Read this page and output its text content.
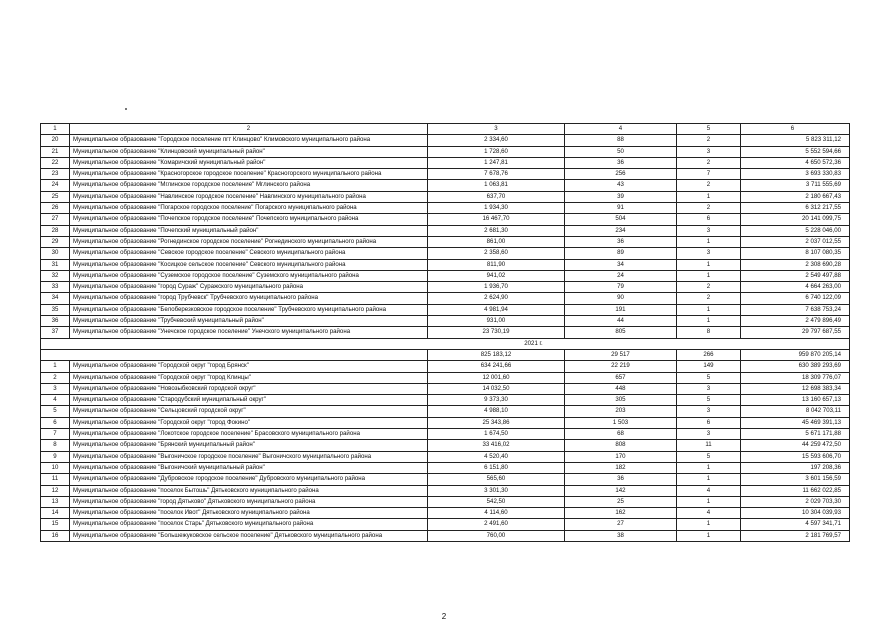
1	2	3	4	5	6
20	Муниципальное образование "Городское поселение пгт Клинцово" Климовского муниципального района	2 334,60	88	2	5 823 311,12
21	Муниципальное образование "Клинцовский муниципальный район"	1 728,60	50	3	5 552 594,66
22	Муниципальное образование "Комаричский муниципальный район"	1 247,81	36	2	4 650 572,36
23	Муниципальное образование "Красногорское городское поселение" Красногорского муниципального района	7 678,76	256	7	3 693 330,83
24	Муниципальное образование "Мглинское городское поселение" Мглинского района	1 063,81	43	2	3 711 555,69
25	Муниципальное образование "Навлинское городское поселение" Навлинского муниципального района	637,70	39	1	2 180 667,43
26	Муниципальное образование "Погарское городское поселение" Погарского муниципального района	1 934,30	91	2	6 312 217,55
27	Муниципальное образование "Почепское городское поселение" Почепского муниципального района	16 467,70	504	6	20 141 099,75
28	Муниципальное образование "Почепский муниципальный район"	2 681,30	234	3	5 228 046,00
29	Муниципальное образование "Рогнединское городское поселение" Рогнединского муниципального района	861,00	36	1	2 037 012,55
30	Муниципальное образование "Севское городское поселение" Севского муниципального района	2 358,60	89	3	8 107 080,35
31	Муниципальное образование "Косицкое сельское поселение" Севского муниципального района	811,90	34	1	2 308 690,28
32	Муниципальное образование "Суземское городское поселение" Суземского муниципального района	941,02	24	1	2 549 497,88
33	Муниципальное образование "город Сураж" Суражского муниципального района	1 936,70	79	2	4 664 263,00
34	Муниципальное образование "город Трубчевск" Трубчевского муниципального района	2 624,90	90	2	6 740 122,09
35	Муниципальное образование "Белоберезковское городское поселение" Трубчевского муниципального района	4 981,94	191	1	7 638 753,24
36	Муниципальное образование "Трубчевский муниципальный район"	931,00	44	1	2 479 896,49
37	Муниципальное образование "Унечское городское поселение" Унечского муниципального района	23 730,19	805	8	29 797 687,55
2021 г.					
		825 183,12	29 517	266	959 870 205,14
1	Муниципальное образование "Городской округ "город Брянск"	634 241,66	22 219	149	630 389 293,69
2	Муниципальное образование "Городской округ "город Клинцы"	12 001,60	657	5	18 309 776,07
3	Муниципальное образование "Новозыбковский городской округ"	14 032,50	448	3	12 698 383,34
4	Муниципальное образование "Стародубский муниципальный округ"	9 373,30	305	5	13 160 657,13
5	Муниципальное образование "Сельцовский городской округ"	4 988,10	203	3	8 042 703,11
6	Муниципальное образование "Городской округ "город Фокино"	25 343,86	1 503	6	45 469 391,13
7	Муниципальное образование "Локотское городское поселение" Брасовского муниципального района	1 674,50	68	3	5 671 171,88
8	Муниципальное образование "Брянский муниципальный район"	33 416,02	808	11	44 259 472,50
9	Муниципальное образование "Выгоничское городское поселение" Выгоничского муниципального района	4 520,40	170	5	15 593 606,70
10	Муниципальное образование "Выгоничский муниципальный район"	6 151,80	182	1	197 208,36
11	Муниципальное образование "Дубровское городское поселение" Дубровского муниципального района	565,60	36	1	3 601 156,59
12	Муниципальное образование "поселок Бытошь" Дятьковского муниципального района	3 301,30	142	4	11 662 022,85
13	Муниципальное образование "город Дятьково" Дятьковского муниципального района	542,50	25	1	2 029 703,30
14	Муниципальное образование "поселок Ивот" Дятьковского муниципального района	4 114,60	162	4	10 304 039,93
15	Муниципальное образование "поселок Старь" Дятьковского муниципального района	2 491,60	27	1	4 597 341,71
16	Муниципальное образование "Большежуковское сельское поселение" Дятьковского муниципального района	760,00	38	1	2 181 769,57
2
